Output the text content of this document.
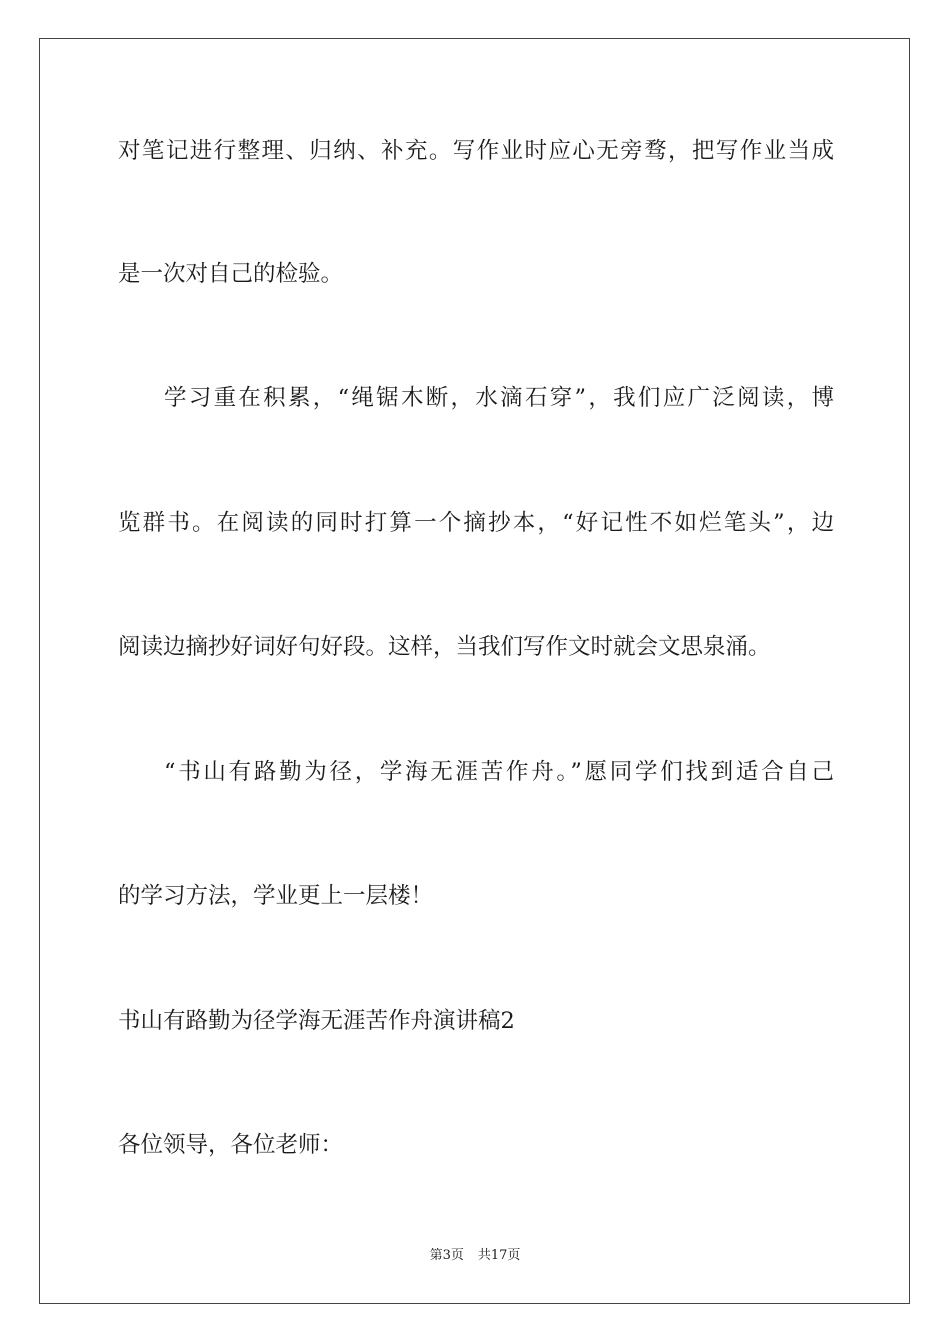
对笔记进行整理、归纳、补充。写作业时应心无旁骛，把写作业当成
是一次对自己的检验。
学习重在积累，“绳锯木断，水滴石穿”，我们应广泛阅读，博
览群书。在阅读的同时打算一个摘抄本，“好记性不如烂笔头”，边
阅读边摘抄好词好句好段。这样，当我们写作文时就会文思泉涌。
“书山有路勤为径，学海无涯苦作舟。”愿同学们找到适合自己
的学习方法，学业更上一层楼！
书山有路勤为径学海无涯苦作舟演讲稿2
各位领导，各位老师：
第3页 共17页
